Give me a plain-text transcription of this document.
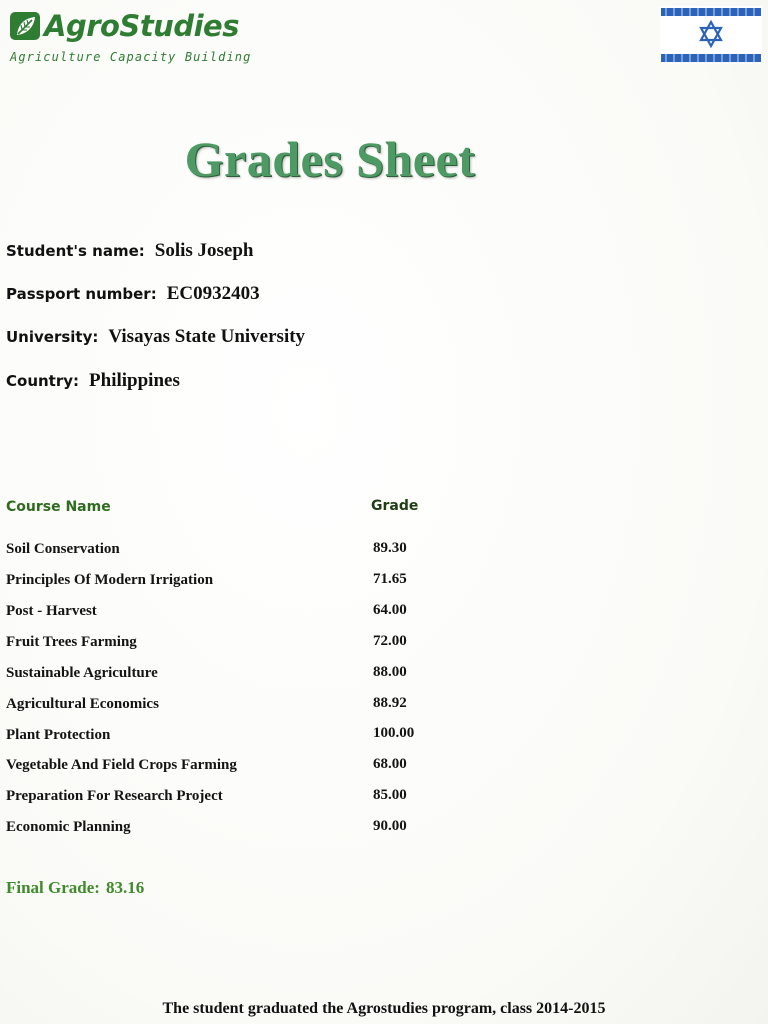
AgroStudies
Agriculture Capacity Building
Grades Sheet
Student's name: Solis Joseph
Passport number: EC0932403
University: Visayas State University
Country: Philippines
Course Name	Grade
Soil Conservation	89.30
Principles Of Modern Irrigation	71.65
Post - Harvest	64.00
Fruit Trees Farming	72.00
Sustainable Agriculture	88.00
Agricultural Economics	88.92
Plant Protection	100.00
Vegetable And Field Crops Farming	68.00
Preparation For Research Project	85.00
Economic Planning	90.00
Final Grade: 83.16
The student graduated the Agrostudies program, class 2014-2015
